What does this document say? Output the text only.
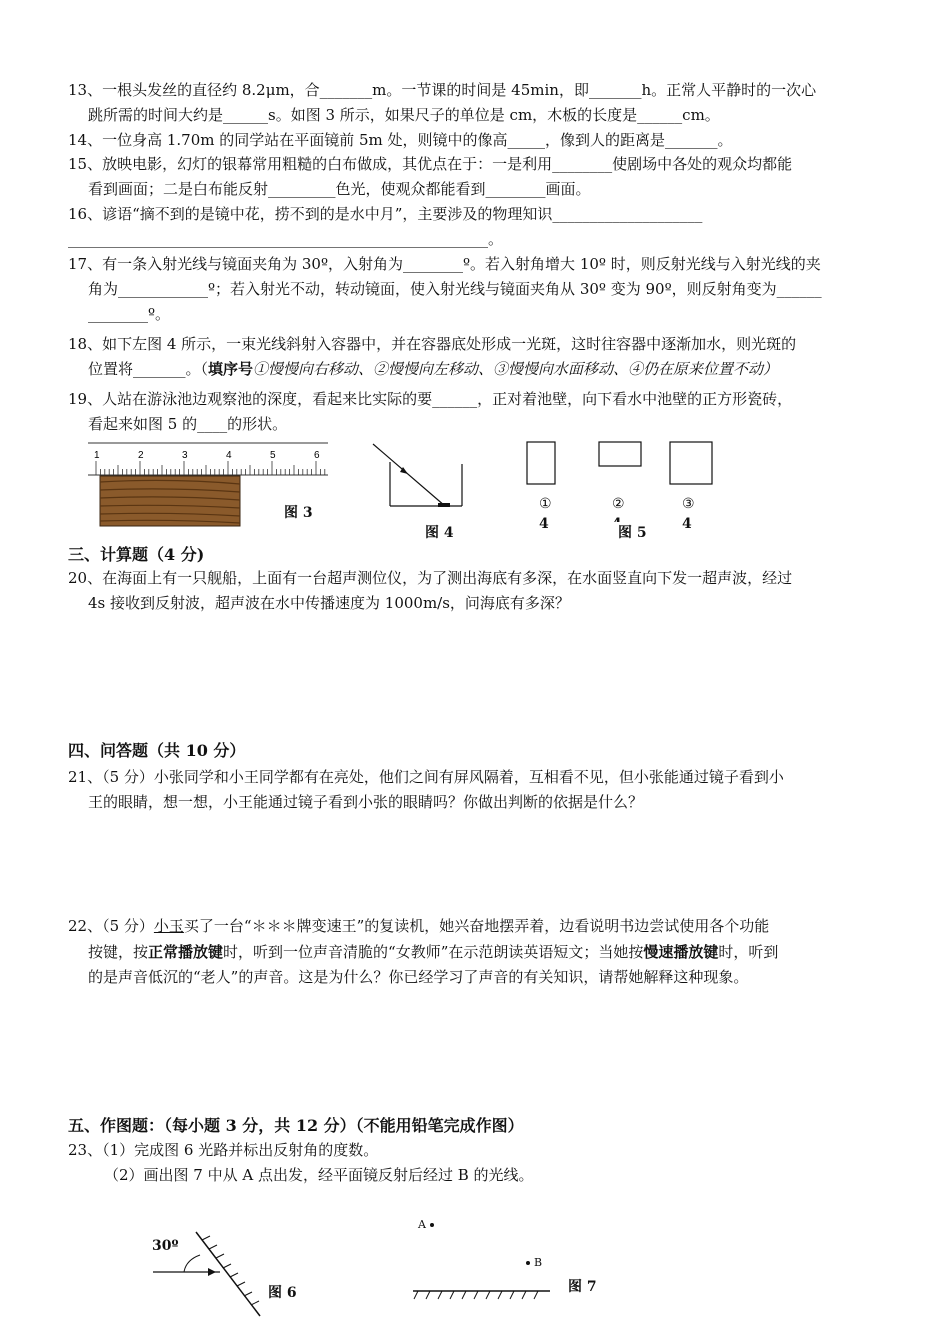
13、一根头发丝的直径约 8.2μm，合_______m。一节课的时间是 45min，即_______h。正常人平静时的一次心
跳所需的时间大约是______s。如图 3 所示，如果尺子的单位是 cm，木板的长度是______cm。
14、一位身高 1.70m 的同学站在平面镜前 5m 处，则镜中的像高_____，像到人的距离是_______。
15、放映电影，幻灯的银幕常用粗糙的白布做成，其优点在于：一是利用________使剧场中各处的观众均都能
看到画面；二是白布能反射_________色光，使观众都能看到________画面。
16、谚语“摘不到的是镜中花，捞不到的是水中月”，主要涉及的物理知识____________________
________________________________________________________。
17、有一条入射光线与镜面夹角为 30º，入射角为________º。若入射角增大 10º 时，则反射光线与入射光线的夹
角为____________º；若入射光不动，转动镜面，使入射光线与镜面夹角从 30º 变为 90º，则反射角变为______
________º。
18、如下左图 4 所示，一束光线斜射入容器中，并在容器底处形成一光斑，这时往容器中逐渐加水，则光斑的
位置将_______。（填序号①慢慢向右移动、②慢慢向左移动、③慢慢向水面移动、④仍在原来位置不动）
19、人站在游泳池边观察池的深度，看起来比实际的要______，正对着池壁，向下看水中池壁的正方形瓷砖，
看起来如图 5 的____的形状。
1	2	3	4	5	6
图 3
图 4
①	②	③
4	4
图 5
三、计算题（4 分)
20、在海面上有一只舰船，上面有一台超声测位仪，为了测出海底有多深，在水面竖直向下发一超声波，经过
4s 接收到反射波，超声波在水中传播速度为 1000m/s，问海底有多深？
四、问答题（共 10 分）
21、（5 分）小张同学和小王同学都有在亮处，他们之间有屏风隔着，互相看不见，但小张能通过镜子看到小
王的眼睛，想一想，小王能通过镜子看到小张的眼睛吗？你做出判断的依据是什么？
22、（5 分）小玉买了一台“＊＊＊牌变速王”的复读机，她兴奋地摆弄着，边看说明书边尝试使用各个功能
按键，按正常播放键时，听到一位声音清脆的“女教师”在示范朗读英语短文；当她按慢速播放键时，听到
的是声音低沉的“老人”的声音。这是为什么？你已经学习了声音的有关知识，请帮她解释这种现象。
五、作图题：（每小题 3 分，共 12 分）（不能用铅笔完成作图）
23、（1）完成图 6 光路并标出反射角的度数。
（2）画出图 7 中从 A 点出发，经平面镜反射后经过 B 的光线。
30º
图 6
A
B
图 7
